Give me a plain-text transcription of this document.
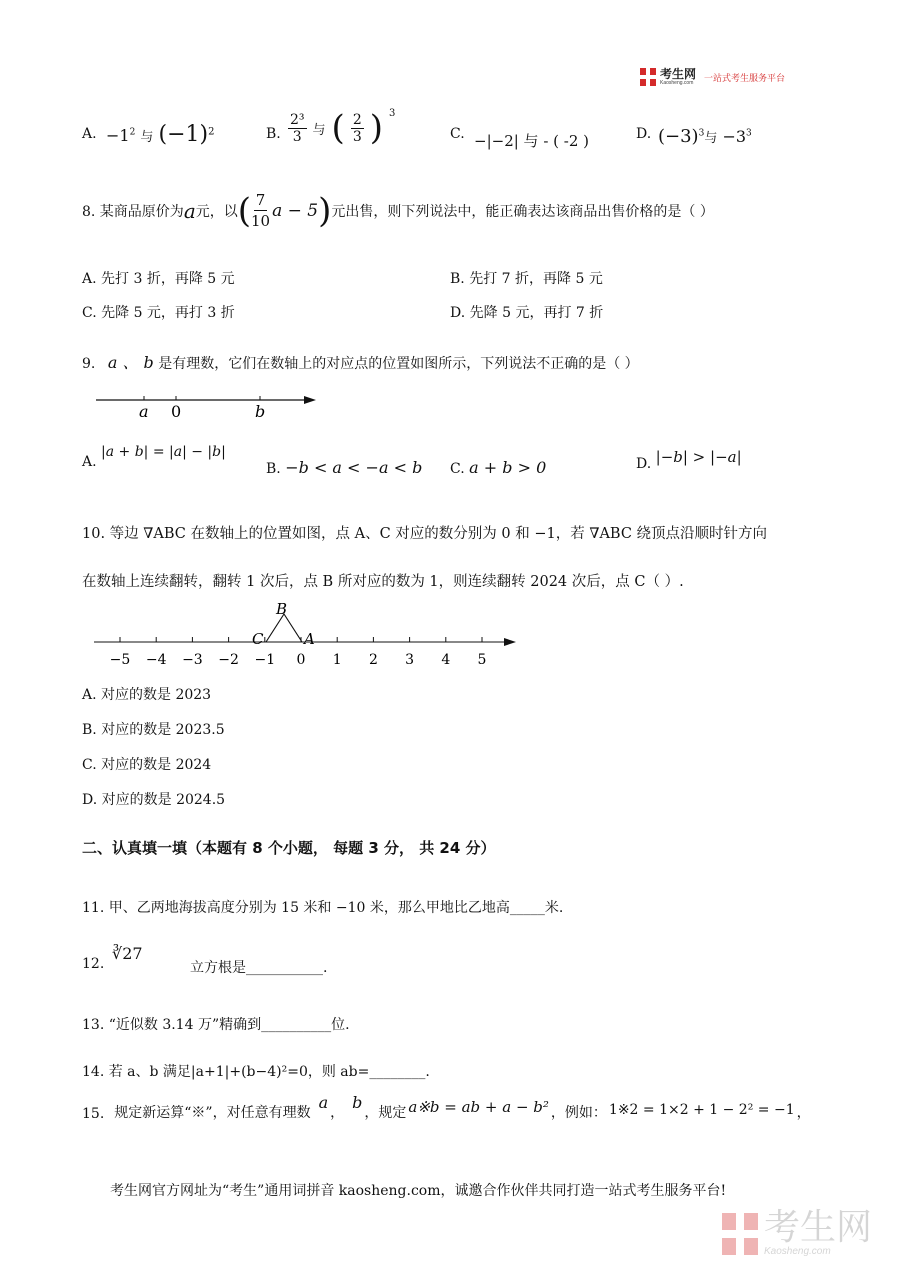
考生网
Kaosheng.com 一站式考生服务平台
A. $-1^2$ 与 $(-1)^2$	B. $\frac{\text{2³}}{3}$ 与 ( $\frac{2}{3}$ ) $^3$
C. −|−2| 与 - ( -2 )	D. $(-3)^3$与 $-3^3$
8. 某商品原价为 a 元，以 ( $\frac{7}{10}$ a − 5 ) 元出售，则下列说法中，能正确表达该商品出售价格的是（ ）
A. 先打 3 折，再降 5 元	B. 先打 7 折，再降 5 元
C. 先降 5 元，再打 3 折	D. 先降 5 元，再打 7 折
9. a 、 b 是有理数，它们在数轴上的对应点的位置如图所示，下列说法不正确的是（ ）
a 0	b
A. |a + b| = |a| − |b|
B. −b < a < −a < b C. a + b > 0	D. |−b| > |−a|
10. 等边 ∇ABC 在数轴上的位置如图，点 A、C 对应的数分别为 0 和 −1，若 ∇ABC 绕顶点沿顺时针方向
在数轴上连续翻转，翻转 1 次后，点 B 所对应的数为 1，则连续翻转 2024 次后，点 C（ ）.
−5 −4 −3 −2 −1 0 1 2 3 4 5
B
C	A
A. 对应的数是 2023
B. 对应的数是 2023.5
C. 对应的数是 2024
D. 对应的数是 2024.5
二、认真填一填（本题有 8 个小题， 每题 3 分， 共 24 分）
11. 甲、乙两地海拔高度分别为 15 米和 −10 米，那么甲地比乙地高_____米.
12.
∛27
立方根是___________.
13. “近似数 3.14 万”精确到__________位.
14. 若 a、b 满足|a+1|+(b−4)²=0，则 ab=________.
15. 规定新运算“※”，对任意有理数
a
，
b
，规定 a※b = ab + a − b² ，例如： 1※2 = 1×2 + 1 − 2² = −1 ，
考生网官方网址为“考生”通用词拼音 kaosheng.com，诚邀合作伙伴共同打造一站式考生服务平台!
考生网
Kaosheng.com
